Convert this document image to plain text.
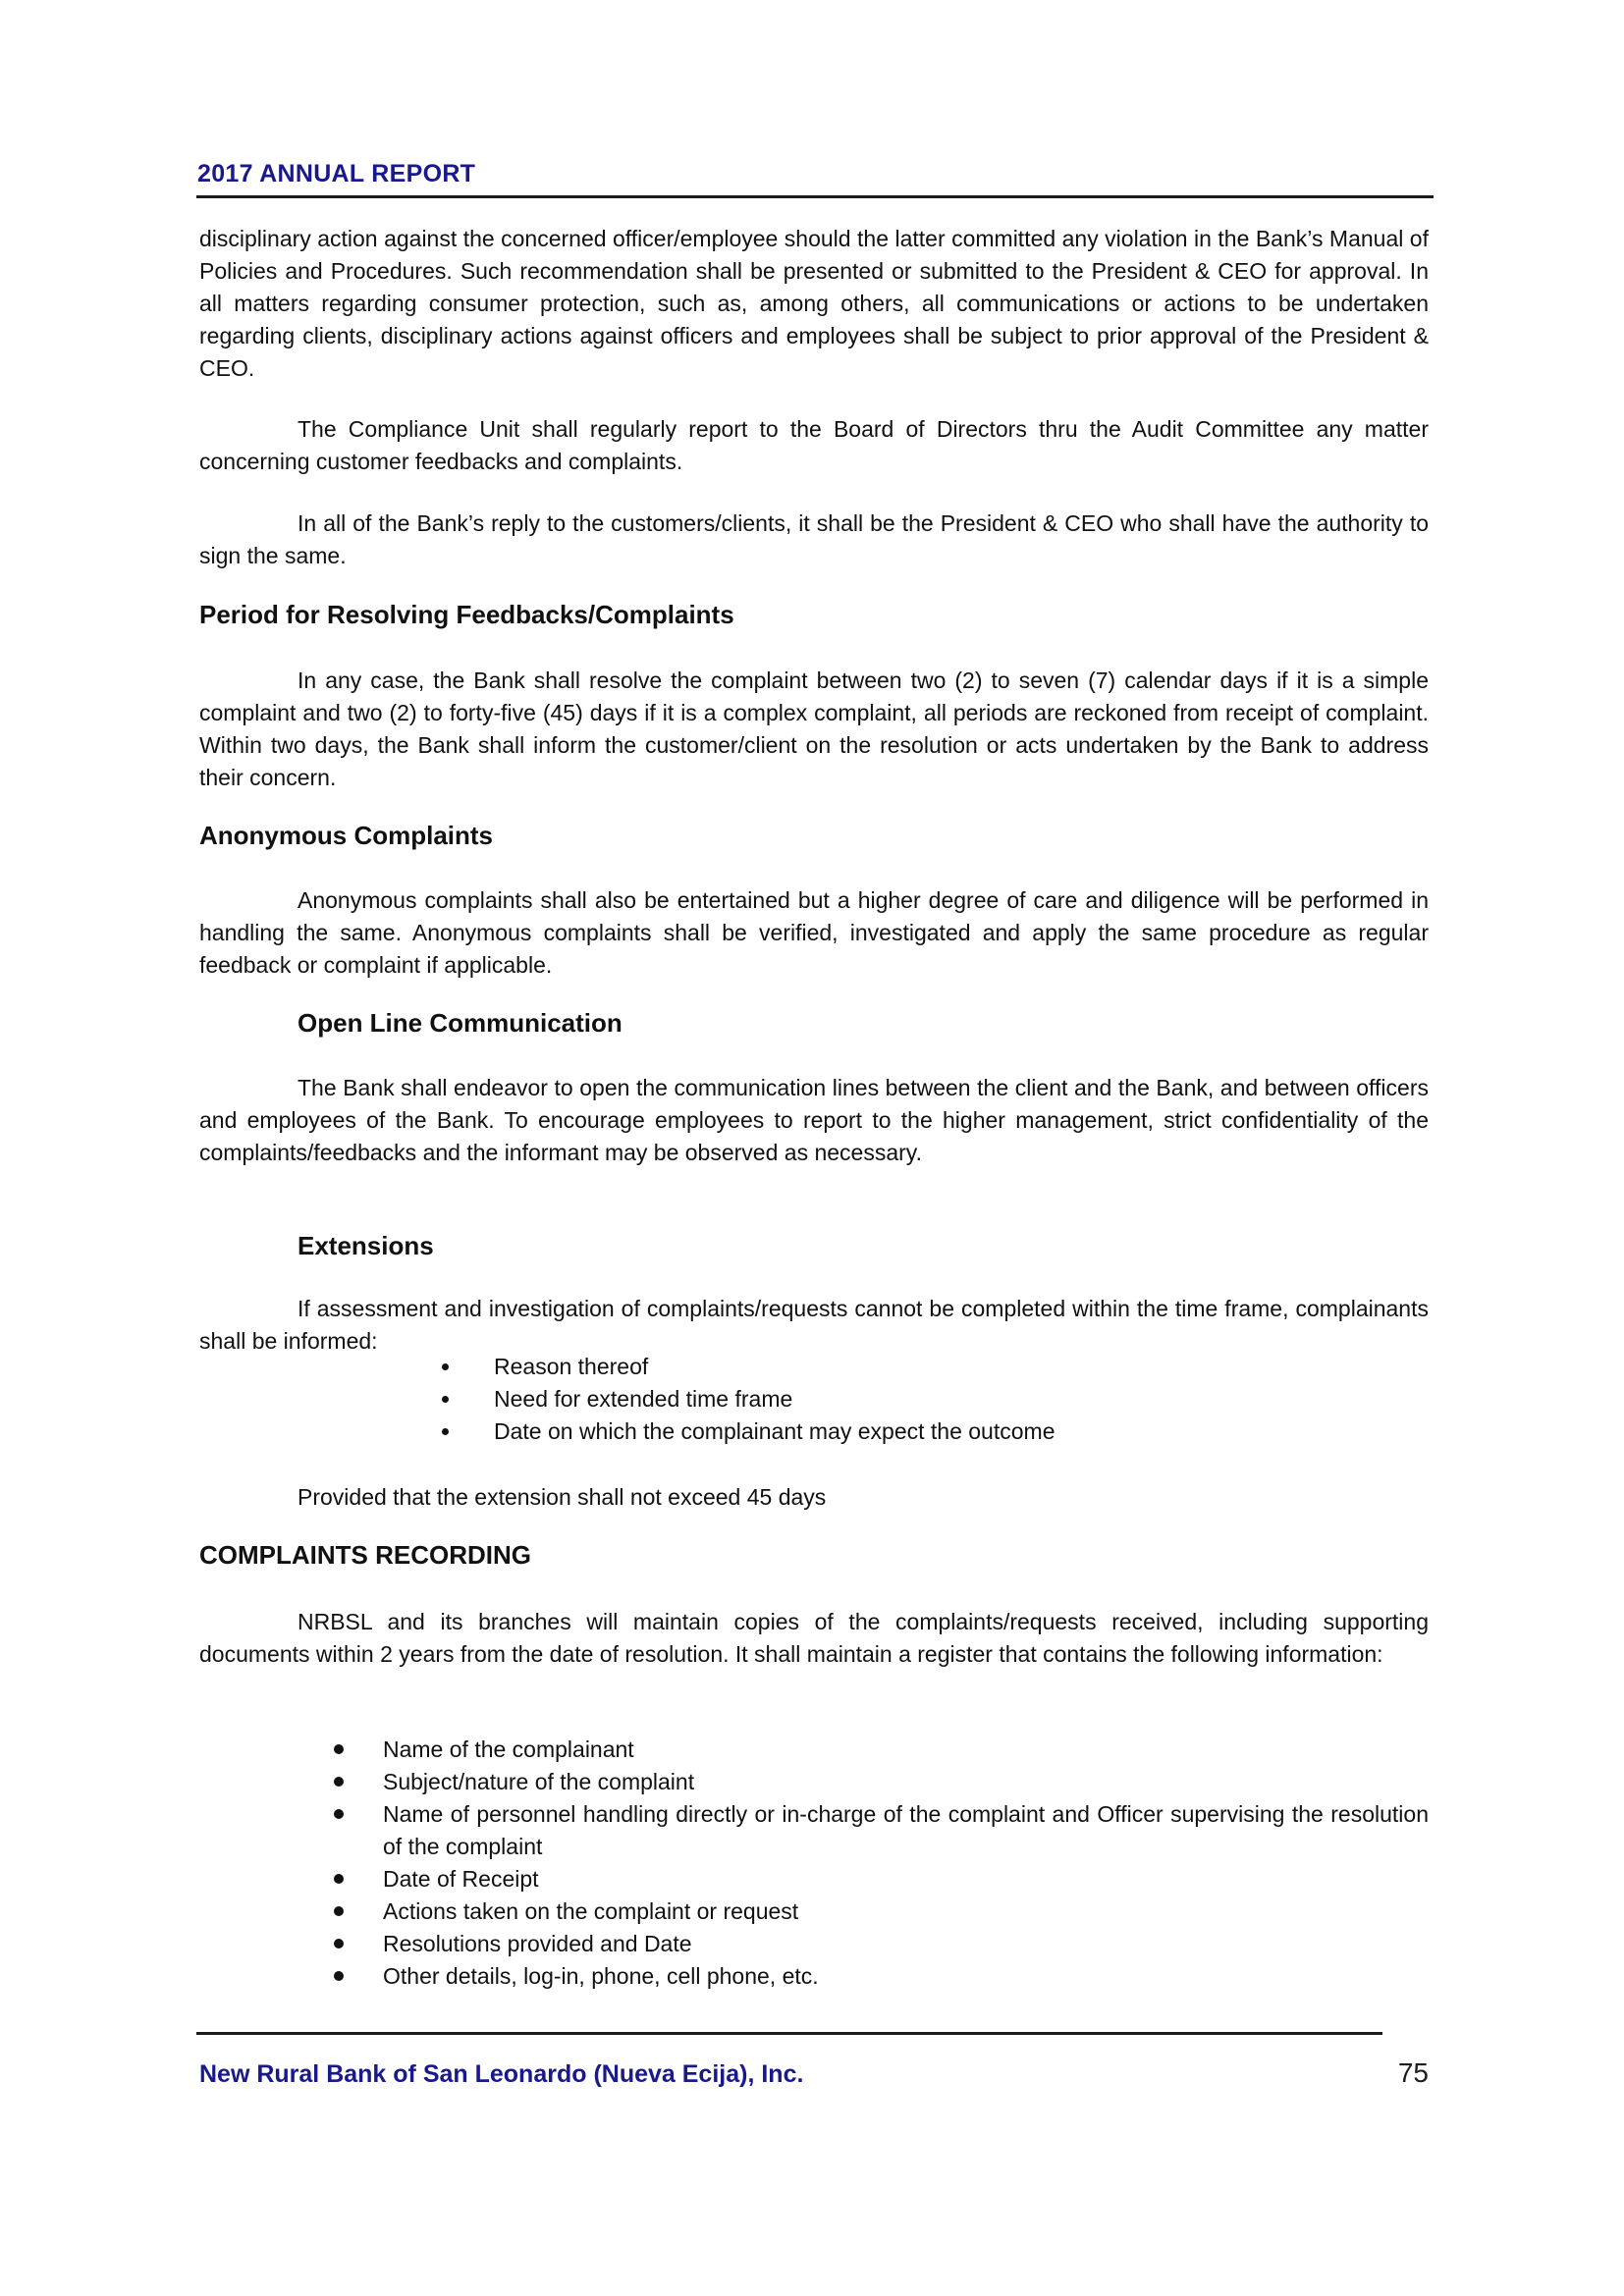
2017 ANNUAL REPORT
disciplinary action against the concerned officer/employee should the latter committed any violation in the Bank’s Manual of Policies and Procedures. Such recommendation shall be presented or submitted to the President & CEO for approval. In all matters regarding consumer protection, such as, among others, all communications or actions to be undertaken regarding clients, disciplinary actions against officers and employees shall be subject to prior approval of the President & CEO.
The Compliance Unit shall regularly report to the Board of Directors thru the Audit Committee any matter concerning customer feedbacks and complaints.
In all of the Bank’s reply to the customers/clients, it shall be the President & CEO who shall have the authority to sign the same.
Period for Resolving Feedbacks/Complaints
In any case, the Bank shall resolve the complaint between two (2) to seven (7) calendar days if it is a simple complaint and two (2) to forty-five (45) days if it is a complex complaint, all periods are reckoned from receipt of complaint. Within two days, the Bank shall inform the customer/client on the resolution or acts undertaken by the Bank to address their concern.
Anonymous Complaints
Anonymous complaints shall also be entertained but a higher degree of care and diligence will be performed in handling the same. Anonymous complaints shall be verified, investigated and apply the same procedure as regular feedback or complaint if applicable.
Open Line Communication
The Bank shall endeavor to open the communication lines between the client and the Bank, and between officers and employees of the Bank. To encourage employees to report to the higher management, strict confidentiality of the complaints/feedbacks and the informant may be observed as necessary.
Extensions
If assessment and investigation of complaints/requests cannot be completed within the time frame, complainants shall be informed:
Reason thereof
Need for extended time frame
Date on which the complainant may expect the outcome
Provided that the extension shall not exceed 45 days
COMPLAINTS RECORDING
NRBSL and its branches will maintain copies of the complaints/requests received, including supporting documents within 2 years from the date of resolution. It shall maintain a register that contains the following information:
Name of the complainant
Subject/nature of the complaint
Name of personnel handling directly or in-charge of the complaint and Officer supervising the resolution of the complaint
Date of Receipt
Actions taken on the complaint or request
Resolutions provided and Date
Other details, log-in, phone, cell phone, etc.
New Rural Bank of San Leonardo (Nueva Ecija), Inc.	75
